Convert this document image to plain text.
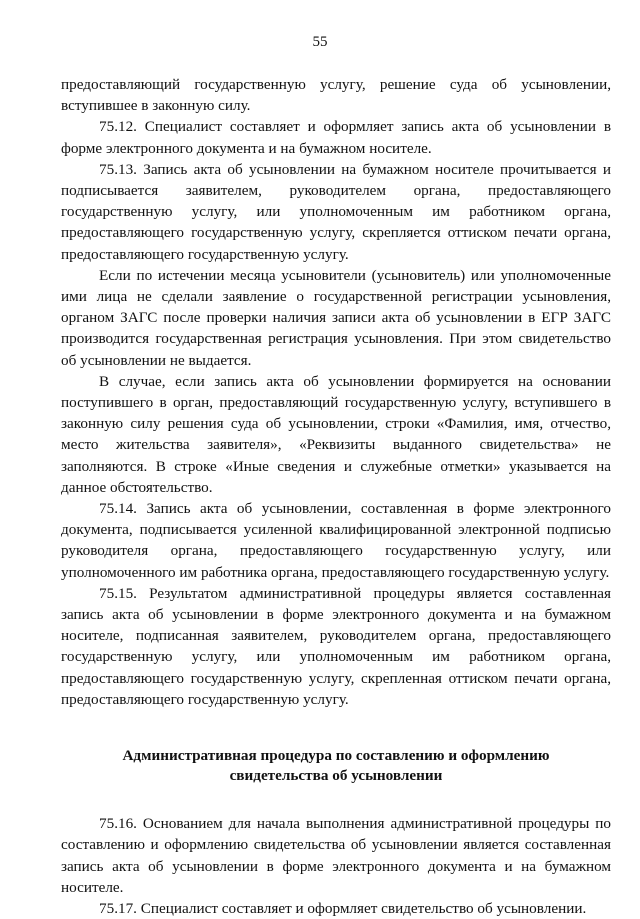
55

предоставляющий государственную услугу, решение суда об усыновлении, вступившее в законную силу.

75.12. Специалист составляет и оформляет запись акта об усыновлении в форме электронного документа и на бумажном носителе.

75.13. Запись акта об усыновлении на бумажном носителе прочитывается и подписывается заявителем, руководителем органа, предоставляющего государственную услугу, или уполномоченным им работником органа, предоставляющего государственную услугу, скрепляется оттиском печати органа, предоставляющего государственную услугу.

Если по истечении месяца усыновители (усыновитель) или уполномоченные ими лица не сделали заявление о государственной регистрации усыновления, органом ЗАГС после проверки наличия записи акта об усыновлении в ЕГР ЗАГС производится государственная регистрация усыновления. При этом свидетельство об усыновлении не выдается.

В случае, если запись акта об усыновлении формируется на основании поступившего в орган, предоставляющий государственную услугу, вступившего в законную силу решения суда об усыновлении, строки «Фамилия, имя, отчество, место жительства заявителя», «Реквизиты выданного свидетельства» не заполняются. В строке «Иные сведения и служебные отметки» указывается на данное обстоятельство.

75.14. Запись акта об усыновлении, составленная в форме электронного документа, подписывается усиленной квалифицированной электронной подписью руководителя органа, предоставляющего государственную услугу, или уполномоченного им работника органа, предоставляющего государственную услугу.

75.15. Результатом административной процедуры является составленная запись акта об усыновлении в форме электронного документа и на бумажном носителе, подписанная заявителем, руководителем органа, предоставляющего государственную услугу, или уполномоченным им работником органа, предоставляющего государственную услугу, скрепленная оттиском печати органа, предоставляющего государственную услугу.

Административная процедура по составлению и оформлению
свидетельства об усыновлении

75.16. Основанием для начала выполнения административной процедуры по составлению и оформлению свидетельства об усыновлении является составленная запись акта об усыновлении в форме электронного документа и на бумажном носителе.

75.17. Специалист составляет и оформляет свидетельство об усыновлении.
